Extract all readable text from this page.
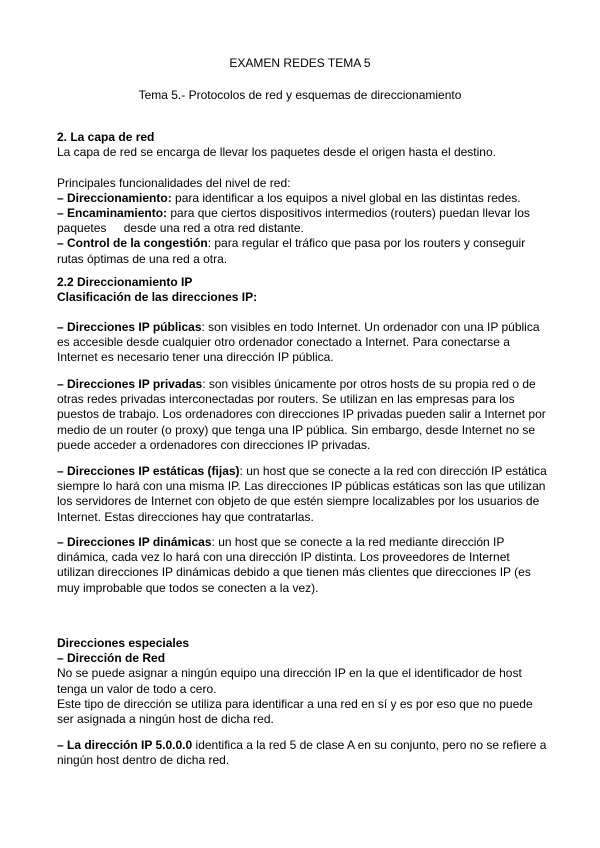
EXAMEN REDES TEMA 5
Tema 5.- Protocolos de red y esquemas de direccionamiento

2. La capa de red

La capa de red se encarga de llevar los paquetes desde el origen hasta el destino.

Principales funcionalidades del nivel de red:

– Direccionamiento: para identificar a los equipos a nivel global en las distintas redes.

– Encaminamiento: para que ciertos dispositivos intermedios (routers) puedan llevar los paquetes desde una red a otra red distante.

– Control de la congestión: para regular el tráfico que pasa por los routers y conseguir rutas óptimas de una red a otra.

2.2 Direccionamiento IP

Clasificación de las direcciones IP:

– Direcciones IP públicas: son visibles en todo Internet. Un ordenador con una IP pública es accesible desde cualquier otro ordenador conectado a Internet. Para conectarse a Internet es necesario tener una dirección IP pública.

– Direcciones IP privadas: son visibles únicamente por otros hosts de su propia red o de otras redes privadas interconectadas por routers. Se utilizan en las empresas para los puestos de trabajo. Los ordenadores con direcciones IP privadas pueden salir a Internet por medio de un router (o proxy) que tenga una IP pública. Sin embargo, desde Internet no se puede acceder a ordenadores con direcciones IP privadas.

– Direcciones IP estáticas (fijas): un host que se conecte a la red con dirección IP estática siempre lo hará con una misma IP. Las direcciones IP públicas estáticas son las que utilizan los servidores de Internet con objeto de que estén siempre localizables por los usuarios de Internet. Estas direcciones hay que contratarlas.

– Direcciones IP dinámicas: un host que se conecte a la red mediante dirección IP dinámica, cada vez lo hará con una dirección IP distinta. Los proveedores de Internet utilizan direcciones IP dinámicas debido a que tienen más clientes que direcciones IP (es muy improbable que todos se conecten a la vez).

Direcciones especiales

– Dirección de Red

No se puede asignar a ningún equipo una dirección IP en la que el identificador de host tenga un valor de todo a cero.

Este tipo de dirección se utiliza para identificar a una red en sí y es por eso que no puede ser asignada a ningún host de dicha red.

– La dirección IP 5.0.0.0 identifica a la red 5 de clase A en su conjunto, pero no se refiere a ningún host dentro de dicha red.
